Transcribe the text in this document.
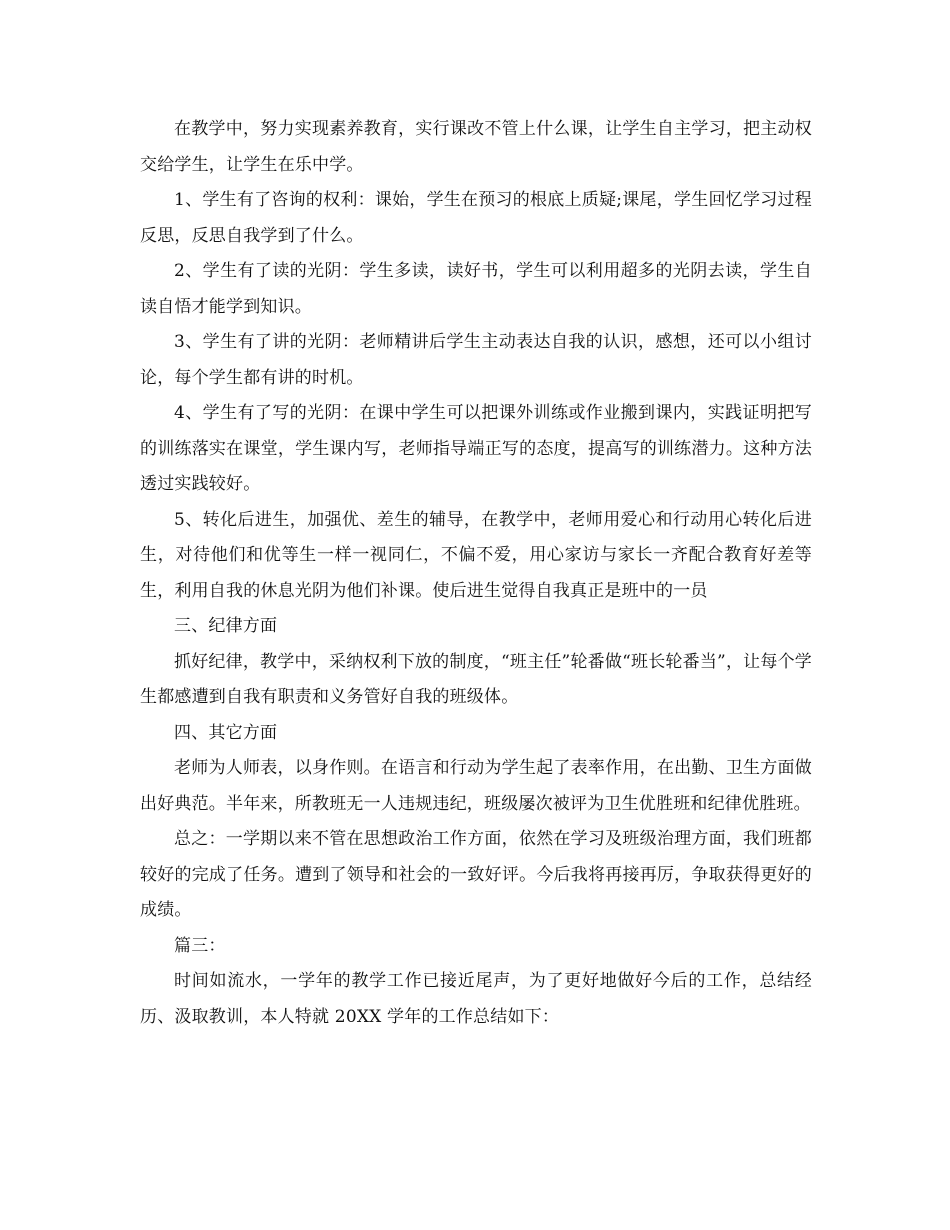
在教学中，努力实现素养教育，实行课改不管上什么课，让学生自主学习，把主动权交给学生，让学生在乐中学。

1、学生有了咨询的权利：课始，学生在预习的根底上质疑;课尾，学生回忆学习过程反思，反思自我学到了什么。

2、学生有了读的光阴：学生多读，读好书，学生可以利用超多的光阴去读，学生自读自悟才能学到知识。

3、学生有了讲的光阴：老师精讲后学生主动表达自我的认识，感想，还可以小组讨论，每个学生都有讲的时机。

4、学生有了写的光阴：在课中学生可以把课外训练或作业搬到课内，实践证明把写的训练落实在课堂，学生课内写，老师指导端正写的态度，提高写的训练潜力。这种方法透过实践较好。

5、转化后进生，加强优、差生的辅导，在教学中，老师用爱心和行动用心转化后进生，对待他们和优等生一样一视同仁，不偏不爱，用心家访与家长一齐配合教育好差等生，利用自我的休息光阴为他们补课。使后进生觉得自我真正是班中的一员

三、纪律方面

抓好纪律，教学中，采纳权利下放的制度，“班主任”轮番做“班长轮番当”，让每个学生都感遭到自我有职责和义务管好自我的班级体。

四、其它方面

老师为人师表，以身作则。在语言和行动为学生起了表率作用，在出勤、卫生方面做出好典范。半年来，所教班无一人违规违纪，班级屡次被评为卫生优胜班和纪律优胜班。

总之：一学期以来不管在思想政治工作方面，依然在学习及班级治理方面，我们班都较好的完成了任务。遭到了领导和社会的一致好评。今后我将再接再厉，争取获得更好的成绩。

篇三：

时间如流水，一学年的教学工作已接近尾声，为了更好地做好今后的工作，总结经历、汲取教训，本人特就 20XX 学年的工作总结如下：
